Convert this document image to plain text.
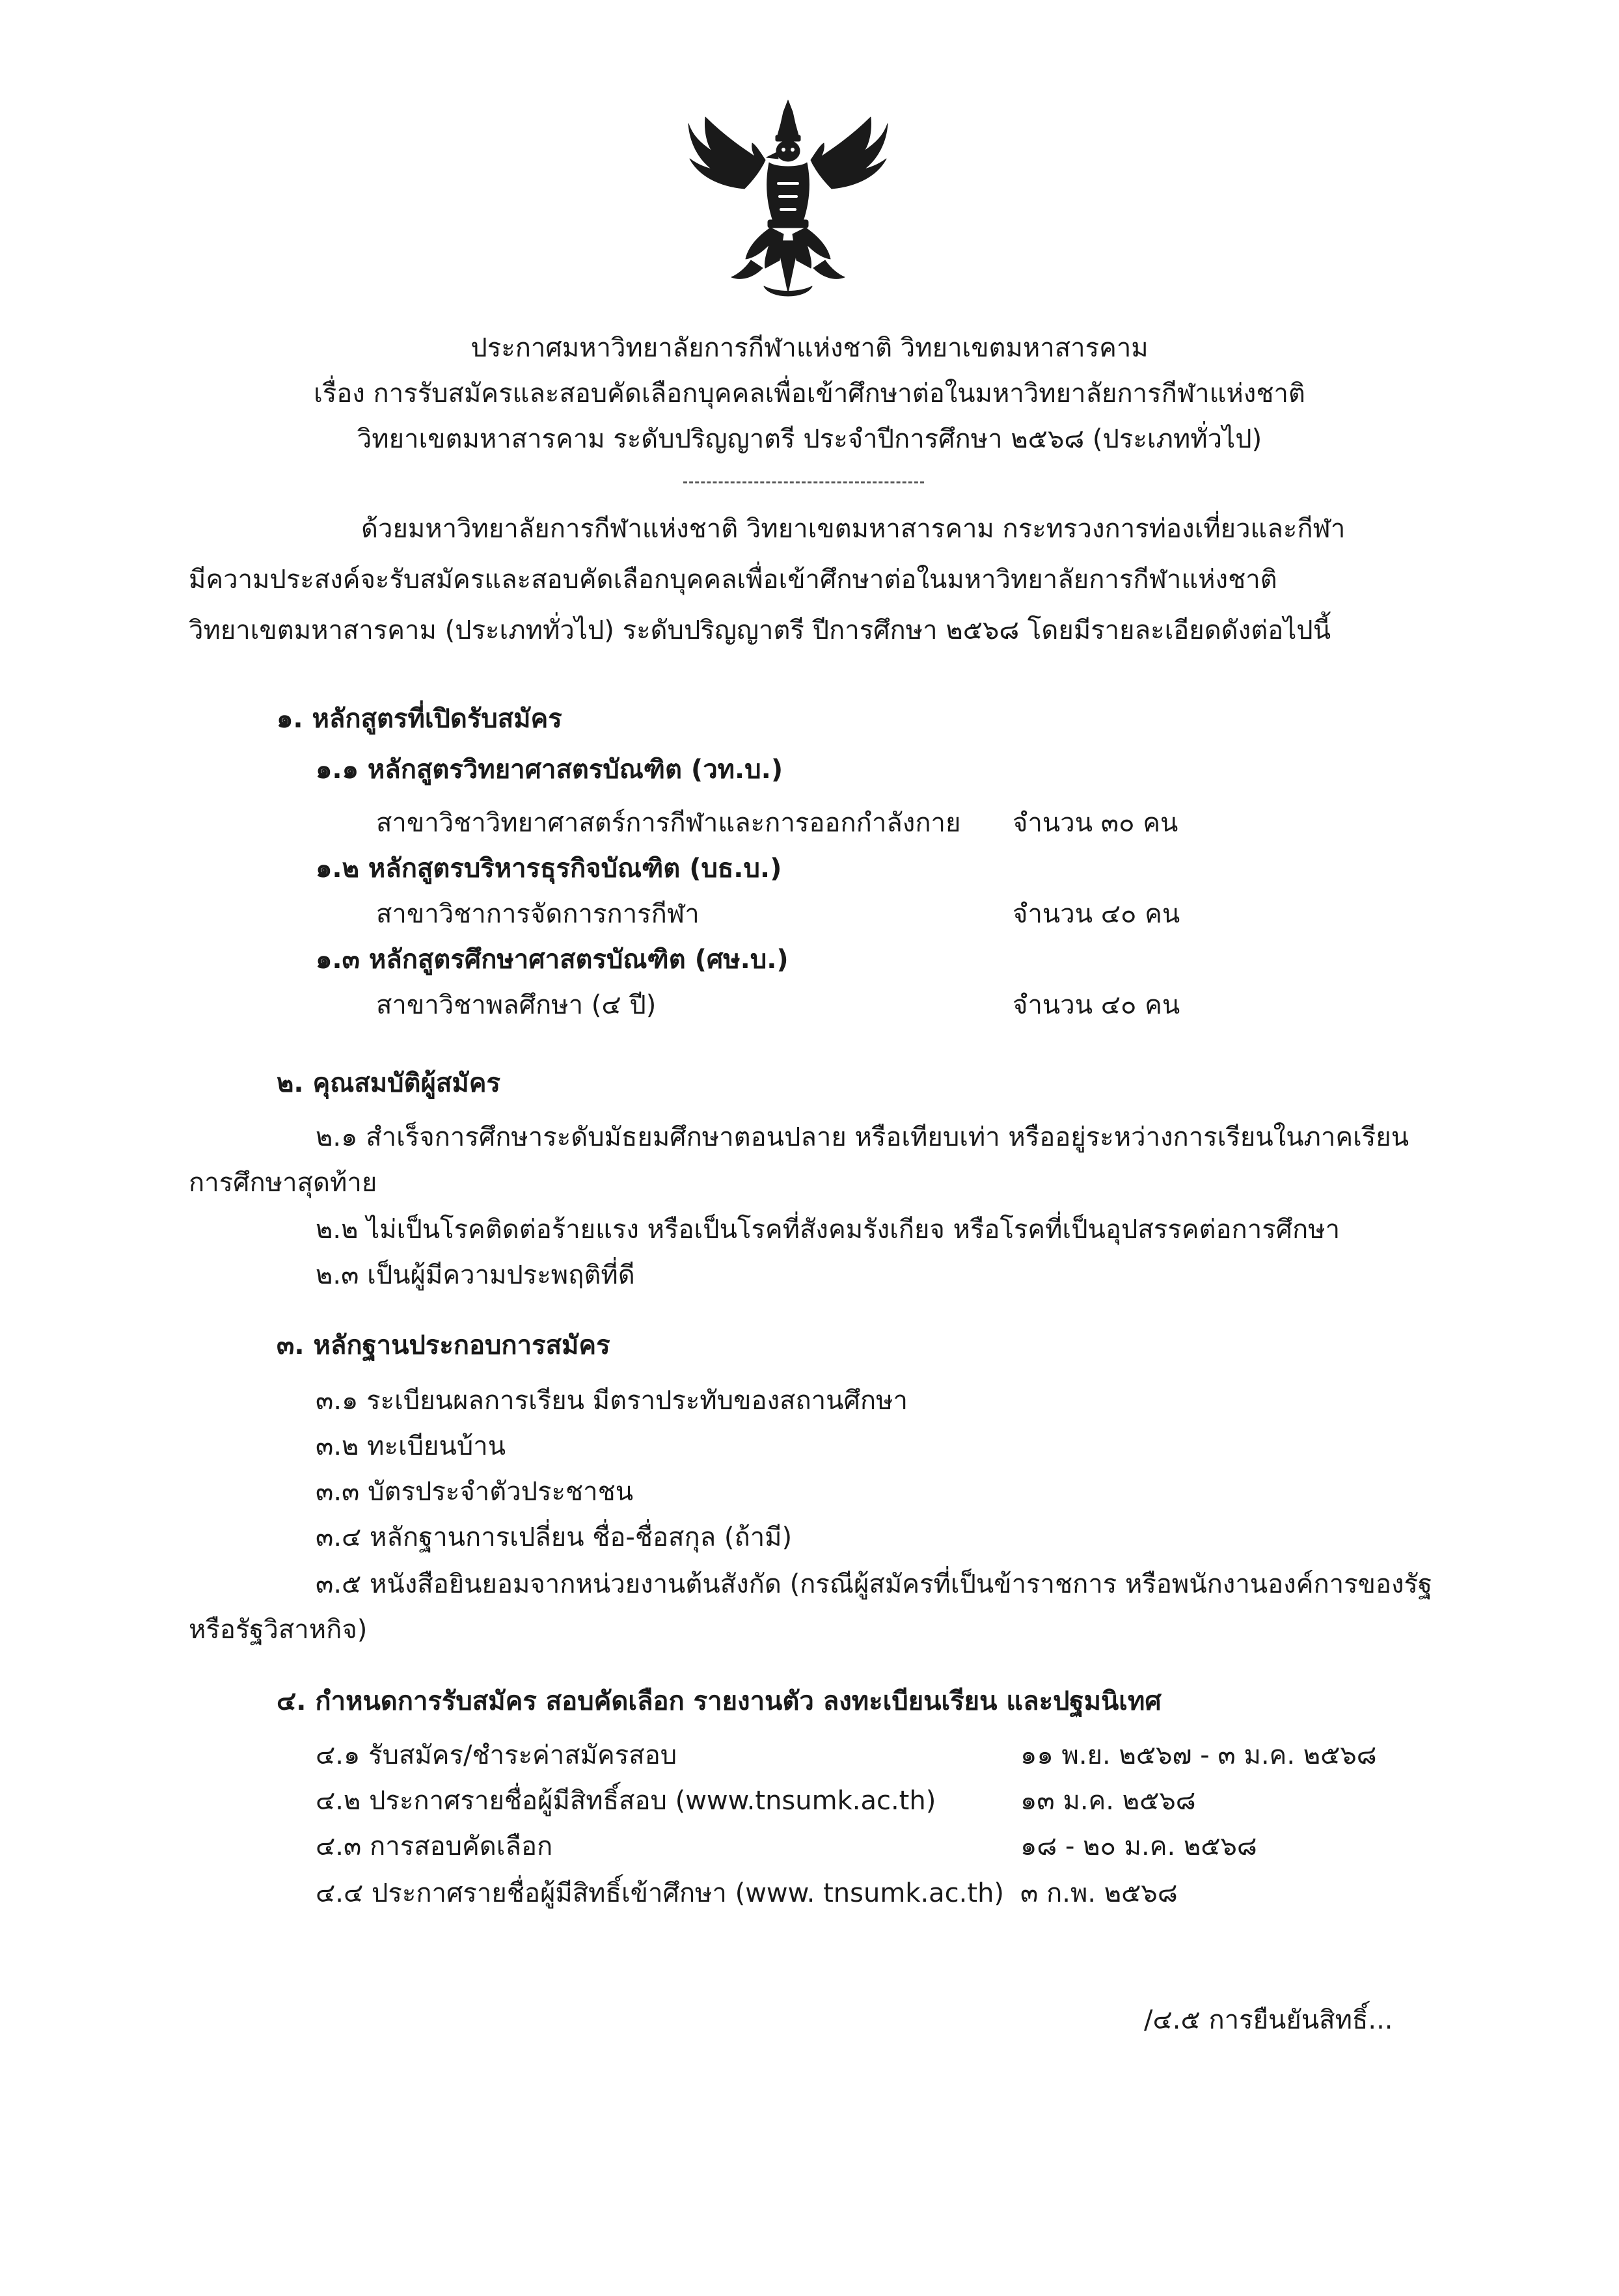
ประกาศมหาวิทยาลัยการกีฬาแห่งชาติ วิทยาเขตมหาสารคาม
เรื่อง การรับสมัครและสอบคัดเลือกบุคคลเพื่อเข้าศึกษาต่อในมหาวิทยาลัยการกีฬาแห่งชาติ
วิทยาเขตมหาสารคาม ระดับปริญญาตรี ประจำปีการศึกษา ๒๕๖๘ (ประเภททั่วไป)
ด้วยมหาวิทยาลัยการกีฬาแห่งชาติ วิทยาเขตมหาสารคาม กระทรวงการท่องเที่ยวและกีฬา
มีความประสงค์จะรับสมัครและสอบคัดเลือกบุคคลเพื่อเข้าศึกษาต่อในมหาวิทยาลัยการกีฬาแห่งชาติ
วิทยาเขตมหาสารคาม (ประเภททั่วไป) ระดับปริญญาตรี ปีการศึกษา ๒๕๖๘ โดยมีรายละเอียดดังต่อไปนี้
๑. หลักสูตรที่เปิดรับสมัคร
๑.๑ หลักสูตรวิทยาศาสตรบัณฑิต (วท.บ.)
สาขาวิชาวิทยาศาสตร์การกีฬาและการออกกำลังกาย จำนวน ๓๐ คน
๑.๒ หลักสูตรบริหารธุรกิจบัณฑิต (บธ.บ.)
สาขาวิชาการจัดการการกีฬา	จำนวน ๔๐ คน
๑.๓ หลักสูตรศึกษาศาสตรบัณฑิต (ศษ.บ.)
สาขาวิชาพลศึกษา (๔ ปี)	จำนวน ๔๐ คน
๒. คุณสมบัติผู้สมัคร
๒.๑ สำเร็จการศึกษาระดับมัธยมศึกษาตอนปลาย หรือเทียบเท่า หรืออยู่ระหว่างการเรียนในภาคเรียน
การศึกษาสุดท้าย
๒.๒ ไม่เป็นโรคติดต่อร้ายแรง หรือเป็นโรคที่สังคมรังเกียจ หรือโรคที่เป็นอุปสรรคต่อการศึกษา
๒.๓ เป็นผู้มีความประพฤติที่ดี
๓. หลักฐานประกอบการสมัคร
๓.๑ ระเบียนผลการเรียน มีตราประทับของสถานศึกษา
๓.๒ ทะเบียนบ้าน
๓.๓ บัตรประจำตัวประชาชน
๓.๔ หลักฐานการเปลี่ยน ชื่อ-ชื่อสกุล (ถ้ามี)
๓.๕ หนังสือยินยอมจากหน่วยงานต้นสังกัด (กรณีผู้สมัครที่เป็นข้าราชการ หรือพนักงานองค์การของรัฐ
หรือรัฐวิสาหกิจ)
๔. กำหนดการรับสมัคร สอบคัดเลือก รายงานตัว ลงทะเบียนเรียน และปฐมนิเทศ
๔.๑ รับสมัคร/ชำระค่าสมัครสอบ	๑๑ พ.ย. ๒๕๖๗ - ๓ ม.ค. ๒๕๖๘
๔.๒ ประกาศรายชื่อผู้มีสิทธิ์สอบ (www.tnsumk.ac.th)	๑๓ ม.ค. ๒๕๖๘
๔.๓ การสอบคัดเลือก	๑๘ - ๒๐ ม.ค. ๒๕๖๘
๔.๔ ประกาศรายชื่อผู้มีสิทธิ์เข้าศึกษา (www. tnsumk.ac.th) ๓ ก.พ. ๒๕๖๘
/๔.๕ การยืนยันสิทธิ์...
